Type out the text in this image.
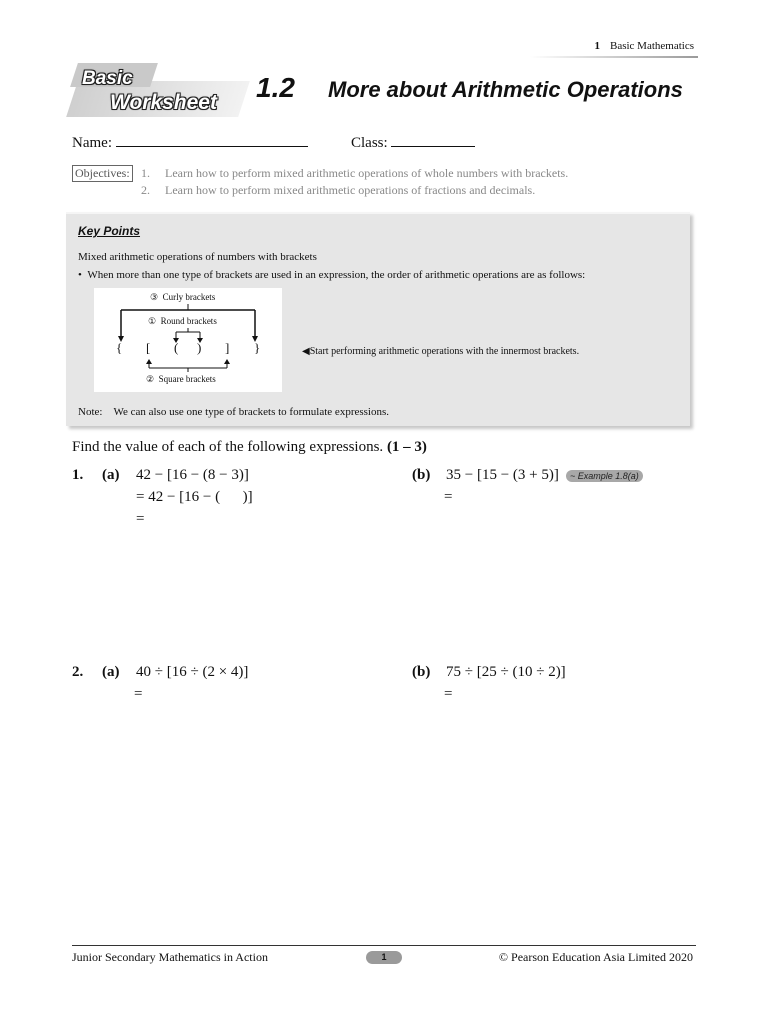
1 Basic Mathematics
Basic
Worksheet 1.2 More about Arithmetic Operations
Name:	Class:
Objectives: 1. Learn how to perform mixed arithmetic operations of whole numbers with brackets.
2. Learn how to perform mixed arithmetic operations of fractions and decimals.
Key Points
Mixed arithmetic operations of numbers with brackets
• When more than one type of brackets are used in an expression, the order of arithmetic operations are as follows:
③ Curly brackets
① Round brackets
{ [ ( ) ] }
② Square brackets
◀Start performing arithmetic operations with the innermost brackets.
Note: We can also use one type of brackets to formulate expressions.
Find the value of each of the following expressions. (1 – 3)
1. (a) 42 − [16 − (8 − 3)]
= 42 − [16 − (      )]
=
(b) 35 − [15 − (3 + 5)]
=
~ Example 1.8(a)
2. (a) 40 ÷ [16 ÷ (2 × 4)]
=
(b) 75 ÷ [25 ÷ (10 ÷ 2)]
=
Junior Secondary Mathematics in Action	1	© Pearson Education Asia Limited 2020
